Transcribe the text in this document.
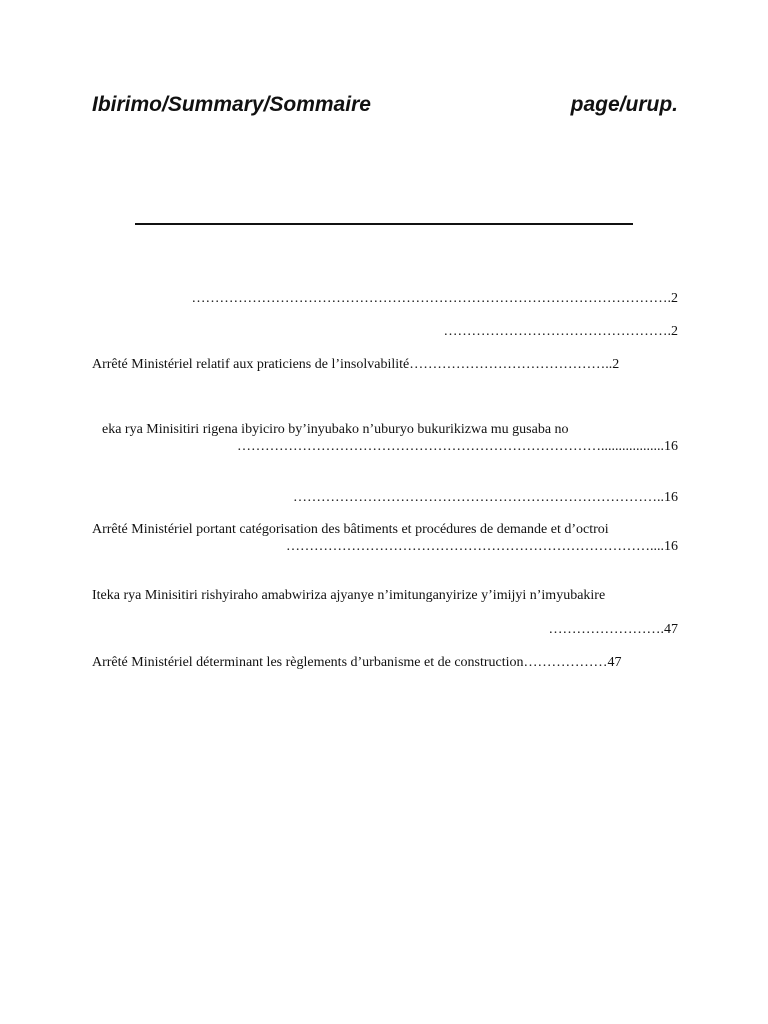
Ibirimo/Summary/Sommaire	page/urup.
………………………………………………………………………………………….2
………………………………………….2
Arrêté Ministériel relatif aux praticiens de l’insolvabilité……………………………………..2
eka rya Minisitiri rigena ibyiciro by’inyubako n’uburyo bukurikizwa mu gusaba no
……………………………………………………………………..................16
……………………………………………………………………..16
Arrêté Ministériel portant catégorisation des bâtiments et procédures de demande et d’octroi
……………………………………………………………………....16
Iteka rya Minisitiri rishyiraho amabwiriza ajyanye n’imitunganyirize y’imijyi n’imyubakire
…………………….47
Arrêté Ministériel déterminant les règlements d’urbanisme et de construction………………47
